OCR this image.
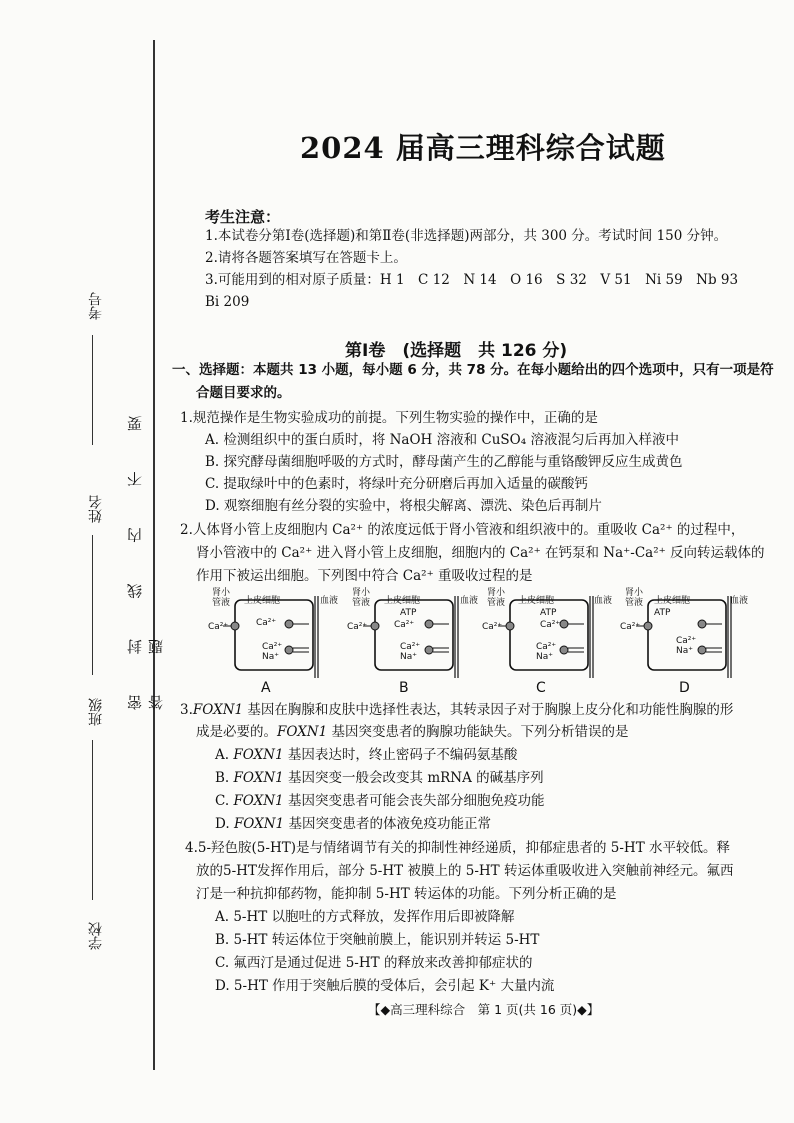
考号
姓名
班级
学校
密 封 线 内 不 要 答 题
2024 届高三理科综合试题
考生注意：
1.本试卷分第Ⅰ卷(选择题)和第Ⅱ卷(非选择题)两部分，共 300 分。考试时间 150 分钟。
2.请将各题答案填写在答题卡上。
3.可能用到的相对原子质量：H 1　C 12　N 14　O 16　S 32　V 51　Ni 59　Nb 93
Bi 209
第Ⅰ卷　(选择题　共 126 分)
一、选择题：本题共 13 小题，每小题 6 分，共 78 分。在每小题给出的四个选项中，只有一项是符
合题目要求的。
1.规范操作是生物实验成功的前提。下列生物实验的操作中，正确的是
A. 检测组织中的蛋白质时，将 NaOH 溶液和 CuSO₄ 溶液混匀后再加入样液中
B. 探究酵母菌细胞呼吸的方式时，酵母菌产生的乙醇能与重铬酸钾反应生成黄色
C. 提取绿叶中的色素时，将绿叶充分研磨后再加入适量的碳酸钙
D. 观察细胞有丝分裂的实验中，将根尖解离、漂洗、染色后再制片
2.人体肾小管上皮细胞内 Ca²⁺ 的浓度远低于肾小管液和组织液中的。重吸收 Ca²⁺ 的过程中，
肾小管液中的 Ca²⁺ 进入肾小管上皮细胞，细胞内的 Ca²⁺ 在钙泵和 Na⁺-Ca²⁺ 反向转运载体的
作用下被运出细胞。下列图中符合 Ca²⁺ 重吸收过程的是
肾小管液	上皮细胞	血液
Ca²⁺	Ca²⁺
Ca²⁺
Na⁺
A
肾小管液	上皮细胞	血液
ATP
Ca²⁺	Ca²⁺
Ca²⁺
Na⁺
B
肾小管液	上皮细胞	血液
ATP
Ca²⁺	Ca²⁺
Ca²⁺
Na⁺
C
肾小管液	上皮细胞	血液
ATP
Ca²⁺
Ca²⁺
Na⁺
D
3.FOXN1 基因在胸腺和皮肤中选择性表达，其转录因子对于胸腺上皮分化和功能性胸腺的形
成是必要的。FOXN1 基因突变患者的胸腺功能缺失。下列分析错误的是
A. FOXN1 基因表达时，终止密码子不编码氨基酸
B. FOXN1 基因突变一般会改变其 mRNA 的碱基序列
C. FOXN1 基因突变患者可能会丧失部分细胞免疫功能
D. FOXN1 基因突变患者的体液免疫功能正常
4.5-羟色胺(5-HT)是与情绪调节有关的抑制性神经递质，抑郁症患者的 5-HT 水平较低。释
放的5-HT发挥作用后，部分 5-HT 被膜上的 5-HT 转运体重吸收进入突触前神经元。氟西
汀是一种抗抑郁药物，能抑制 5-HT 转运体的功能。下列分析正确的是
A. 5-HT 以胞吐的方式释放，发挥作用后即被降解
B. 5-HT 转运体位于突触前膜上，能识别并转运 5-HT
C. 氟西汀是通过促进 5-HT 的释放来改善抑郁症状的
D. 5-HT 作用于突触后膜的受体后，会引起 K⁺ 大量内流
【◆高三理科综合　第 1 页(共 16 页)◆】
